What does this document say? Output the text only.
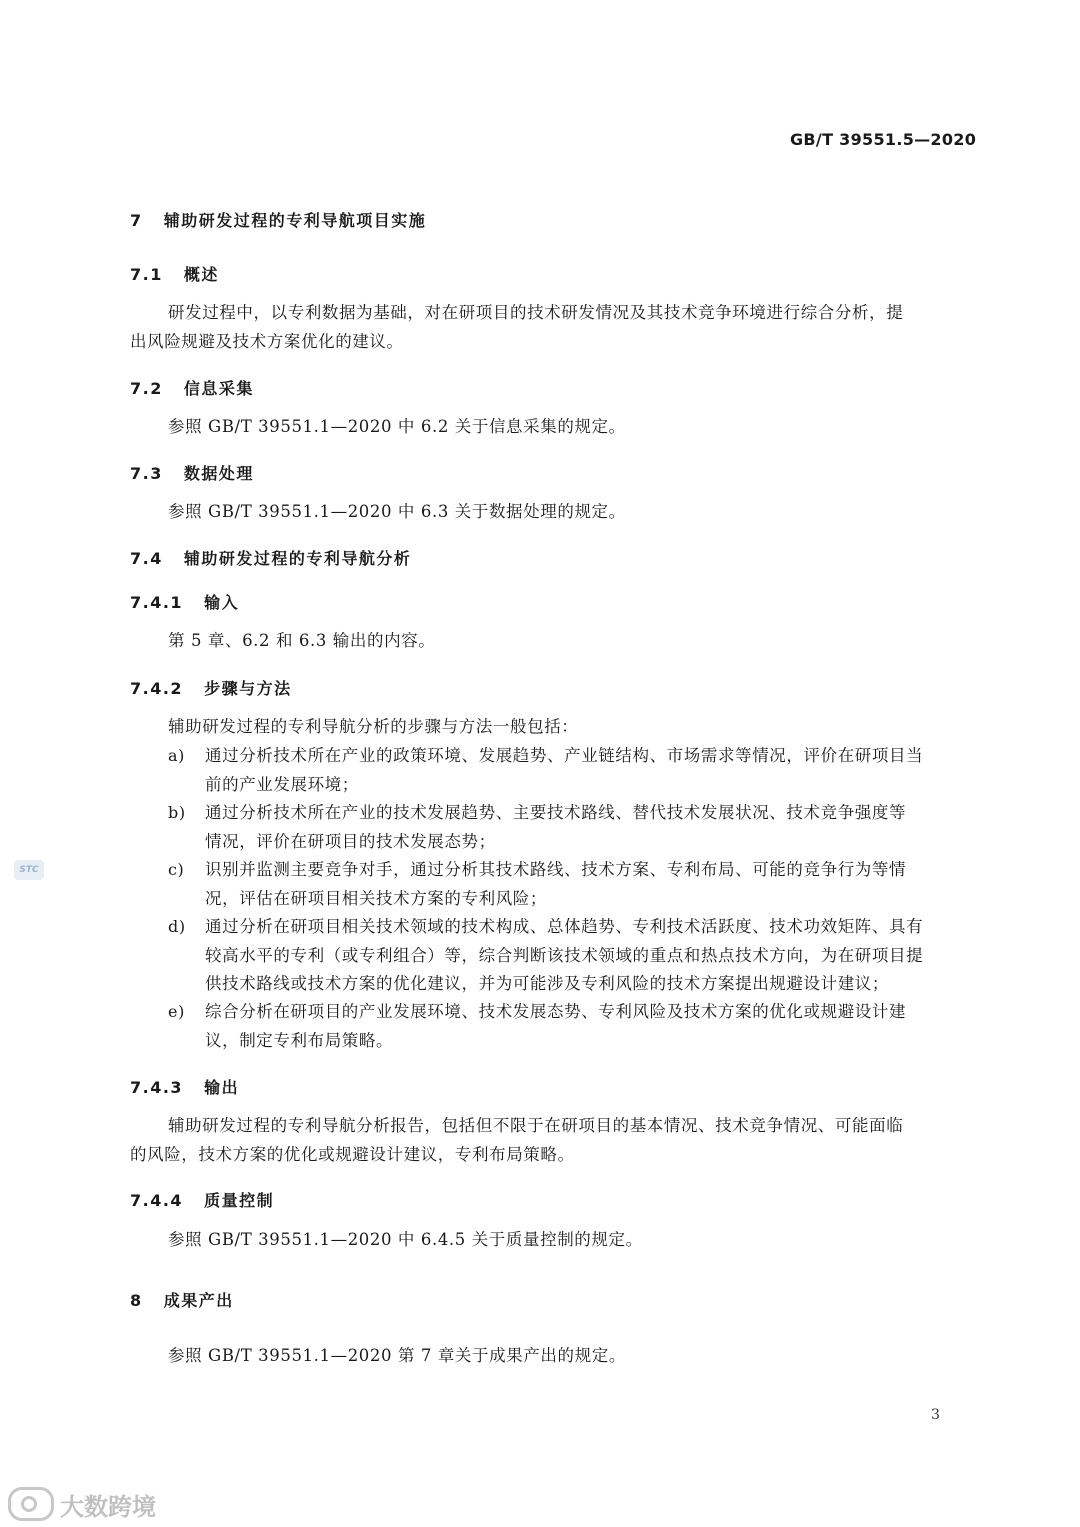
GB/T 39551.5—2020
7 辅助研发过程的专利导航项目实施
7.1 概述
研发过程中，以专利数据为基础，对在研项目的技术研发情况及其技术竞争环境进行综合分析，提
出风险规避及技术方案优化的建议。
7.2 信息采集
参照 GB/T 39551.1—2020 中 6.2 关于信息采集的规定。
7.3 数据处理
参照 GB/T 39551.1—2020 中 6.3 关于数据处理的规定。
7.4 辅助研发过程的专利导航分析
7.4.1 输入
第 5 章、6.2 和 6.3 输出的内容。
7.4.2 步骤与方法
辅助研发过程的专利导航分析的步骤与方法一般包括：
a) 通过分析技术所在产业的政策环境、发展趋势、产业链结构、市场需求等情况，评价在研项目当
前的产业发展环境；
b) 通过分析技术所在产业的技术发展趋势、主要技术路线、替代技术发展状况、技术竞争强度等
情况，评价在研项目的技术发展态势；
c) 识别并监测主要竞争对手，通过分析其技术路线、技术方案、专利布局、可能的竞争行为等情
况，评估在研项目相关技术方案的专利风险；
d) 通过分析在研项目相关技术领域的技术构成、总体趋势、专利技术活跃度、技术功效矩阵、具有
较高水平的专利（或专利组合）等，综合判断该技术领域的重点和热点技术方向，为在研项目提
供技术路线或技术方案的优化建议，并为可能涉及专利风险的技术方案提出规避设计建议；
e) 综合分析在研项目的产业发展环境、技术发展态势、专利风险及技术方案的优化或规避设计建
议，制定专利布局策略。
7.4.3 输出
辅助研发过程的专利导航分析报告，包括但不限于在研项目的基本情况、技术竞争情况、可能面临
的风险，技术方案的优化或规避设计建议，专利布局策略。
7.4.4 质量控制
参照 GB/T 39551.1—2020 中 6.4.5 关于质量控制的规定。
8 成果产出
参照 GB/T 39551.1—2020 第 7 章关于成果产出的规定。
3
STC
大数跨境
